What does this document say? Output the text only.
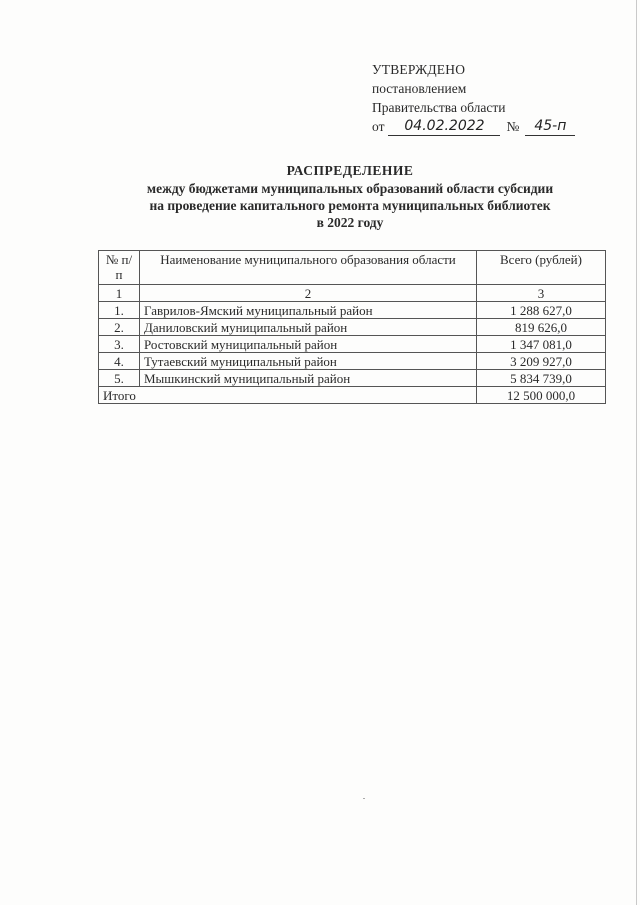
УТВЕРЖДЕНО
постановлением
Правительства области
от	04.02.2022	№	45-п
РАСПРЕДЕЛЕНИЕ
между бюджетами муниципальных образований области субсидии
на проведение капитального ремонта муниципальных библиотек
в 2022 году
№ п/п	Наименование муниципального образования области	Всего (рублей)
1	2	3
1.	Гаврилов-Ямский муниципальный район	1 288 627,0
2.	Даниловский муниципальный район	819 626,0
3.	Ростовский муниципальный район	1 347 081,0
4.	Тутаевский муниципальный район	3 209 927,0
5.	Мышкинский муниципальный район	5 834 739,0
Итого		12 500 000,0
